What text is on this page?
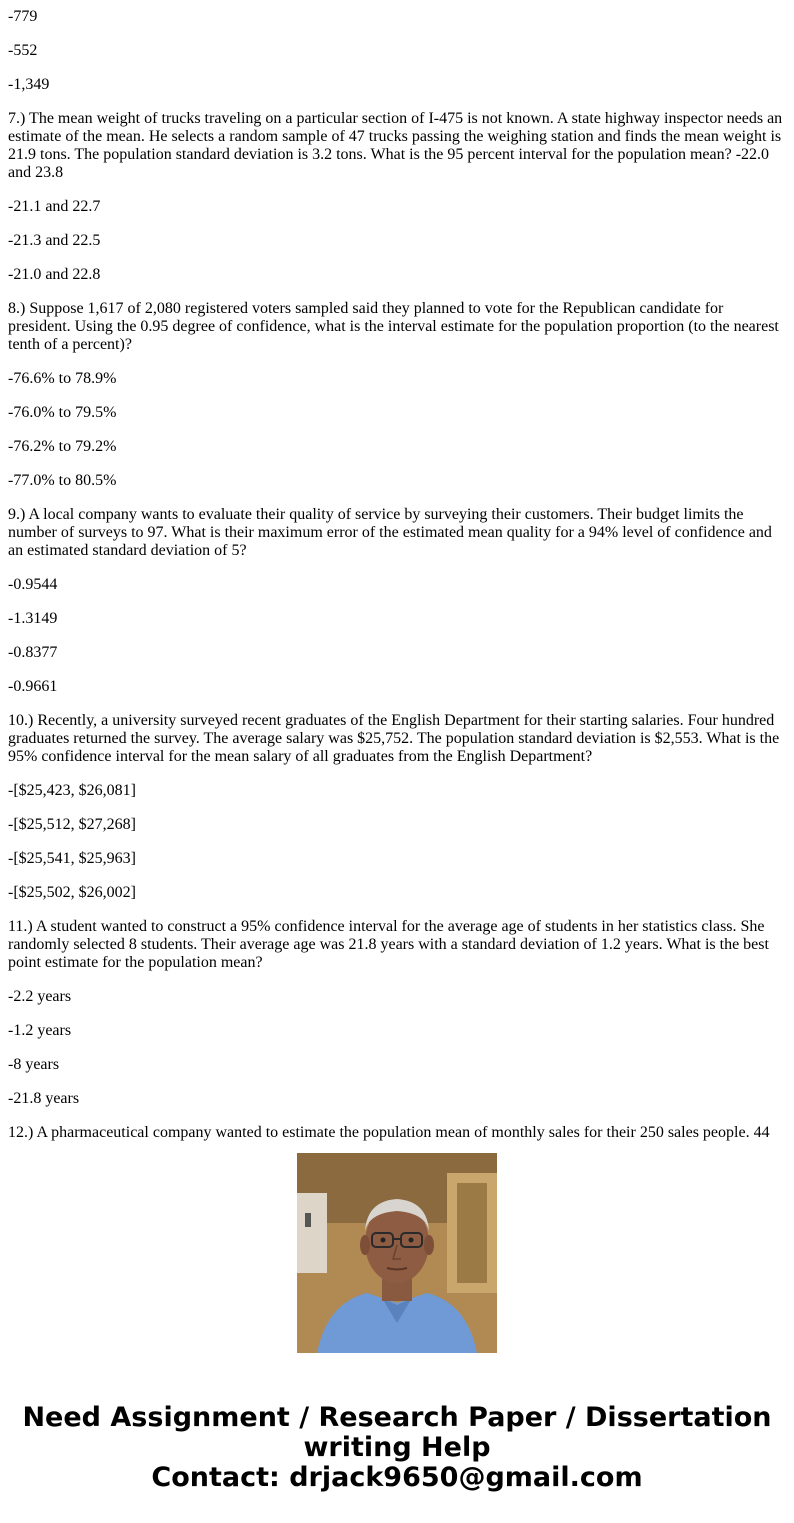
-779

-552

-1,349

7.) The mean weight of trucks traveling on a particular section of I-475 is not known. A state highway inspector needs an estimate of the mean. He selects a random sample of 47 trucks passing the weighing station and finds the mean weight is 21.9 tons. The population standard deviation is 3.2 tons. What is the 95 percent interval for the population mean? -22.0 and 23.8

-21.1 and 22.7

-21.3 and 22.5

-21.0 and 22.8

8.) Suppose 1,617 of 2,080 registered voters sampled said they planned to vote for the Republican candidate for president. Using the 0.95 degree of confidence, what is the interval estimate for the population proportion (to the nearest tenth of a percent)?

-76.6% to 78.9%

-76.0% to 79.5%

-76.2% to 79.2%

-77.0% to 80.5%

9.) A local company wants to evaluate their quality of service by surveying their customers. Their budget limits the number of surveys to 97. What is their maximum error of the estimated mean quality for a 94% level of confidence and an estimated standard deviation of 5?

-0.9544

-1.3149

-0.8377

-0.9661

10.) Recently, a university surveyed recent graduates of the English Department for their starting salaries. Four hundred graduates returned the survey. The average salary was $25,752. The population standard deviation is $2,553. What is the 95% confidence interval for the mean salary of all graduates from the English Department?

-[$25,423, $26,081]

-[$25,512, $27,268]

-[$25,541, $25,963]

-[$25,502, $26,002]

11.) A student wanted to construct a 95% confidence interval for the average age of students in her statistics class. She randomly selected 8 students. Their average age was 21.8 years with a standard deviation of 1.2 years. What is the best point estimate for the population mean?

-2.2 years

-1.2 years

-8 years

-21.8 years

12.) A pharmaceutical company wanted to estimate the population mean of monthly sales for their 250 sales people. 44

Need Assignment / Research Paper / Dissertation
writing Help
Contact: drjack9650@gmail.com
